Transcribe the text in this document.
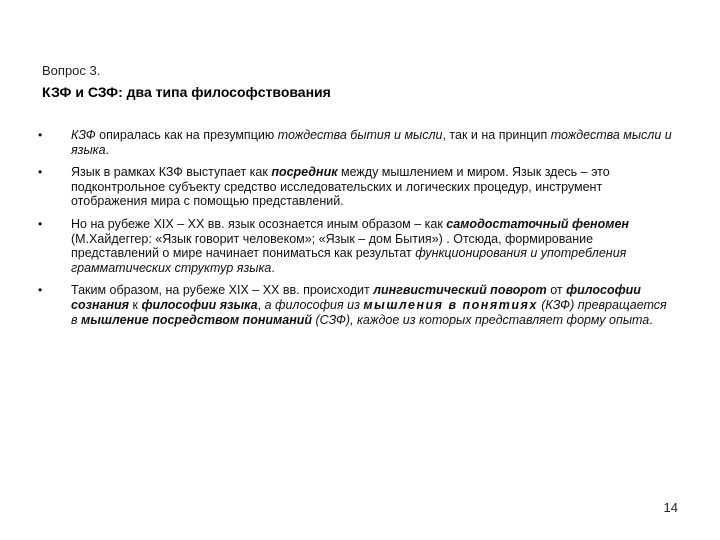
Вопрос 3.
КЗФ и СЗФ: два типа философствования
• КЗФ опиралась как на презумпцию тождества бытия и мысли, так и на принцип тождества мысли и языка.
• Язык в рамках КЗФ выступает как посредник между мышлением и миром. Язык здесь – это подконтрольное субъекту средство исследовательских и логических процедур, инструмент отображения мира с помощью представлений.
• Но на рубеже XIX – XX вв. язык осознается иным образом – как самодостаточный феномен (М.Хайдеггер: «Язык говорит человеком»; «Язык – дом Бытия») . Отсюда, формирование представлений о мире начинает пониматься как результат функционирования и употребления грамматических структур языка.
• Таким образом, на рубеже XIX – XX вв. происходит лингвистический поворот от философии сознания к философии языка, а философия из мышления в понятиях (КЗФ) превращается в мышление посредством пониманий (СЗФ), каждое из которых представляет форму опыта.
14
